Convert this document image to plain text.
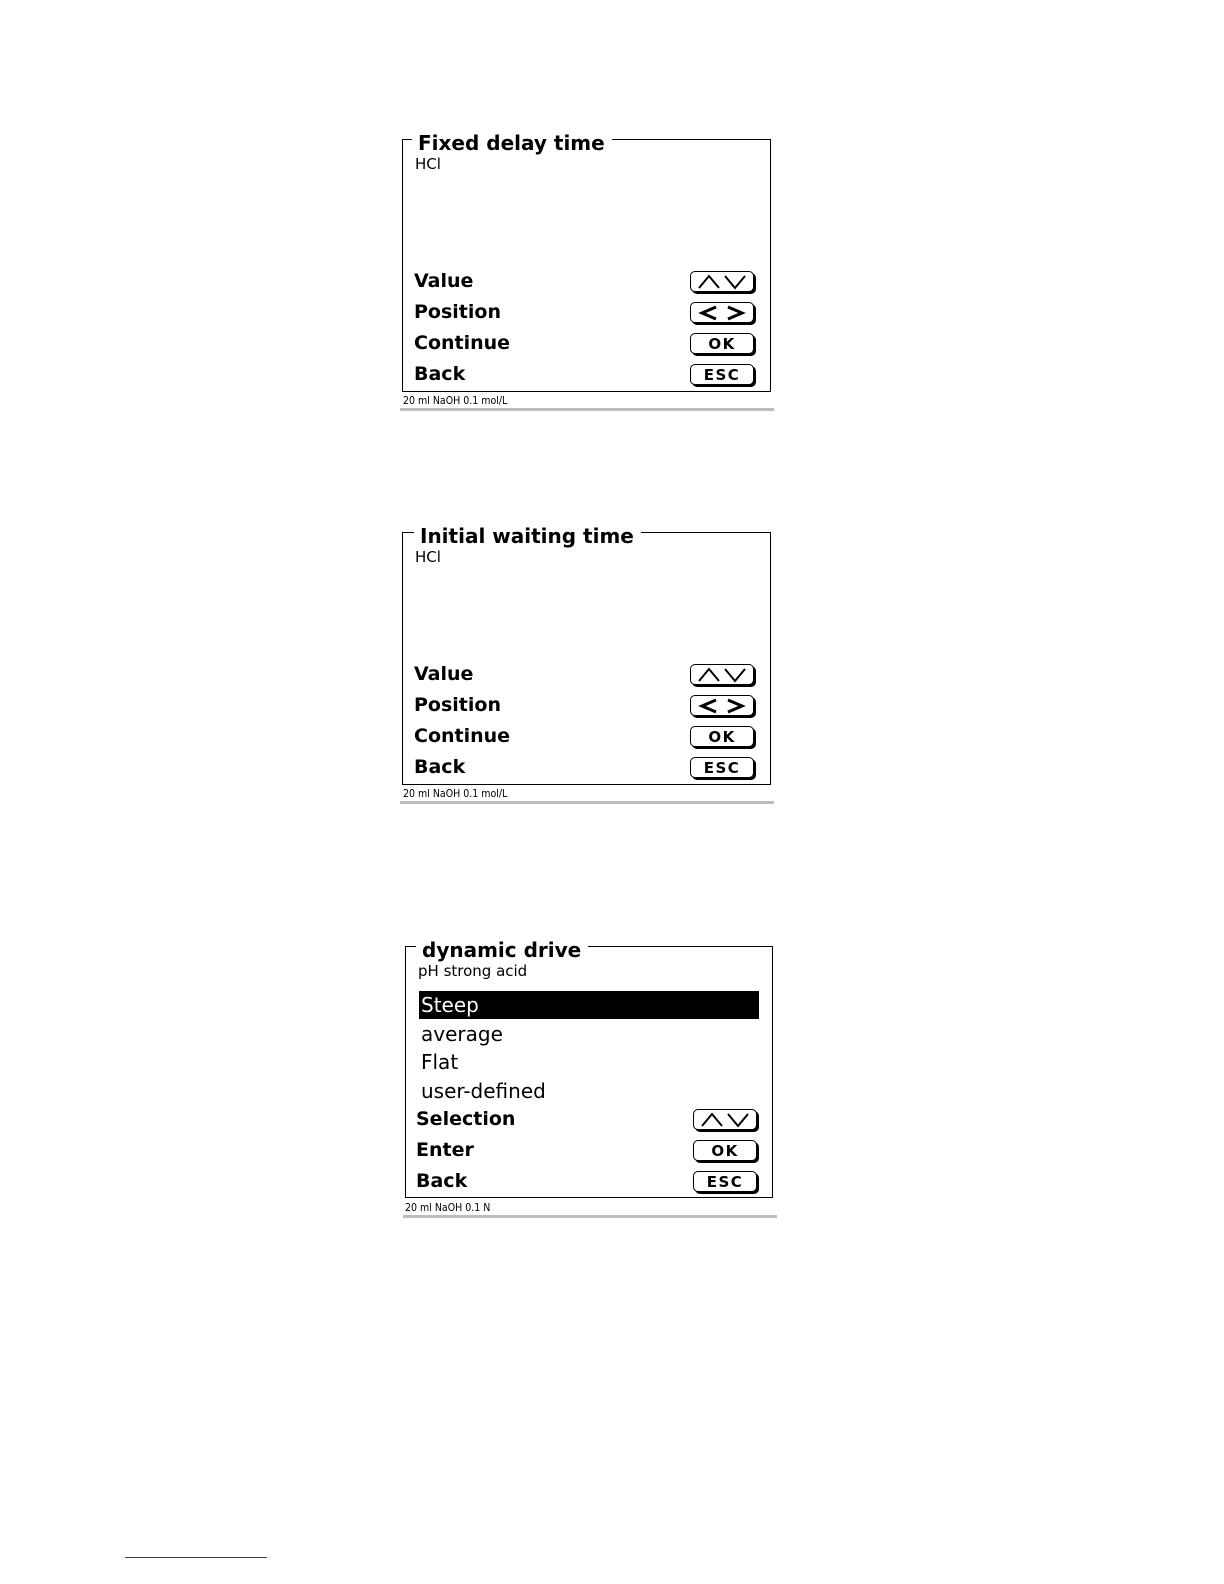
Fixed delay time
HCl
Value
Position
Continue	OK
Back	ESC
20 ml NaOH 0.1 mol/L
Initial waiting time
HCl
Value
Position
Continue	OK
Back	ESC
20 ml NaOH 0.1 mol/L
dynamic drive
pH strong acid
Steep
average
Flat
user-defined
Selection
Enter	OK
Back	ESC
20 ml NaOH 0.1 N
